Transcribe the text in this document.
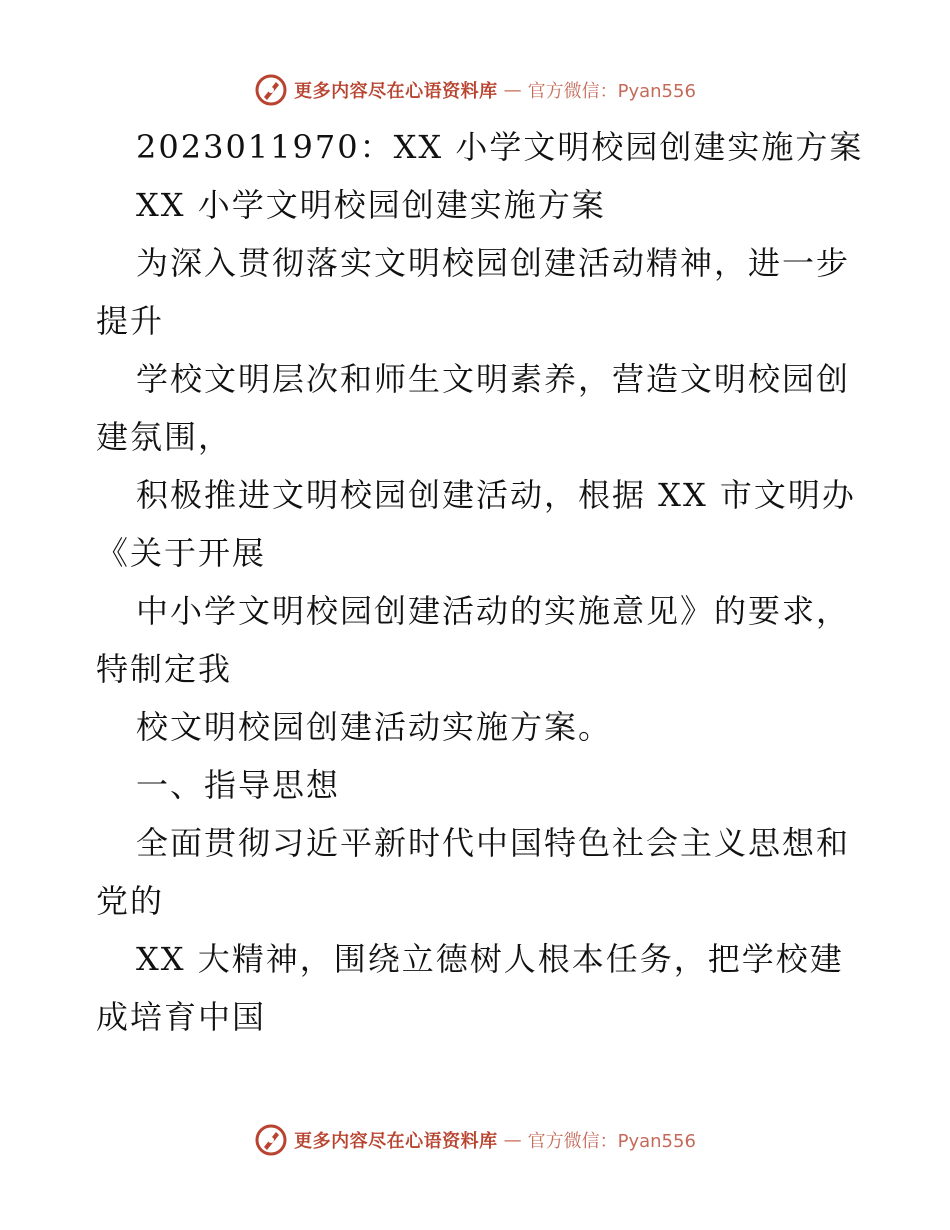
更多内容尽在心语资料库 — 官方微信：Pyan556
2023011970：XX 小学文明校园创建实施方案
XX 小学文明校园创建实施方案
为深入贯彻落实文明校园创建活动精神，进一步
提升
学校文明层次和师生文明素养，营造文明校园创
建氛围，
积极推进文明校园创建活动，根据 XX 市文明办
《关于开展
中小学文明校园创建活动的实施意见》的要求，
特制定我
校文明校园创建活动实施方案。
一、指导思想
全面贯彻习近平新时代中国特色社会主义思想和
党的
XX 大精神，围绕立德树人根本任务，把学校建
成培育中国
更多内容尽在心语资料库 — 官方微信：Pyan556
